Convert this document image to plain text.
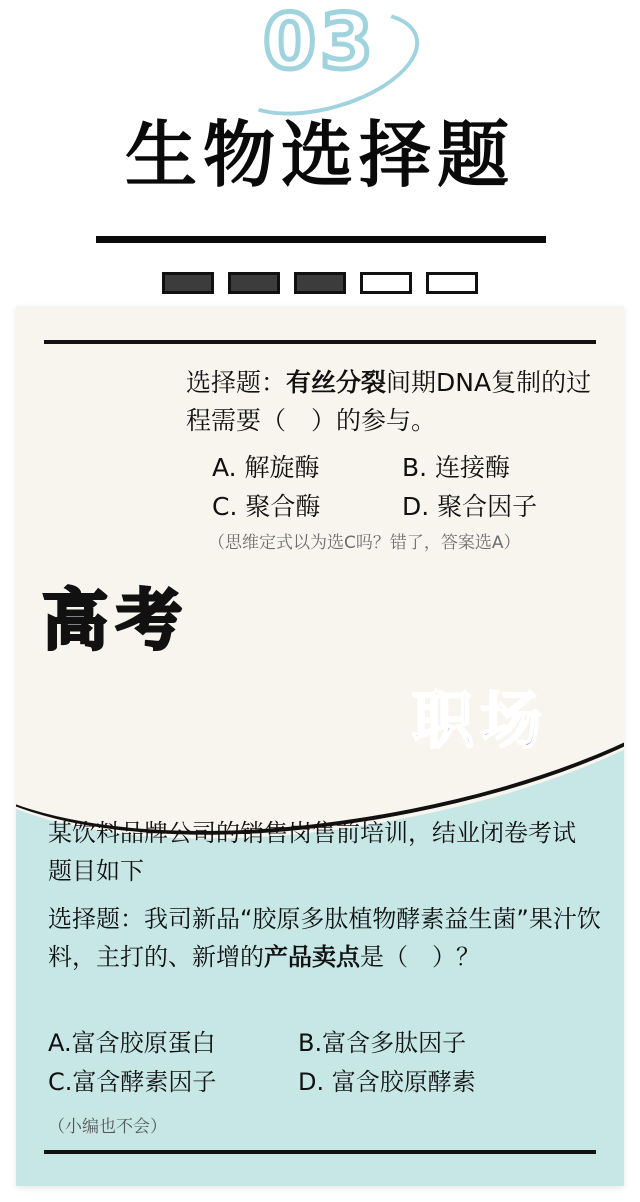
03
生物选择题
选择题：有丝分裂间期DNA复制的过程需要（　）的参与。
A. 解旋酶	B. 连接酶
C. 聚合酶	D. 聚合因子
（思维定式以为选C吗？错了，答案选A）
高考
职场
某饮料品牌公司的销售岗售前培训，结业闭卷考试题目如下
选择题：我司新品“胶原多肽植物酵素益生菌”果汁饮料，主打的、新增的产品卖点是（　）？
A.富含胶原蛋白	B.富含多肽因子
C.富含酵素因子	D. 富含胶原酵素
（小编也不会）
